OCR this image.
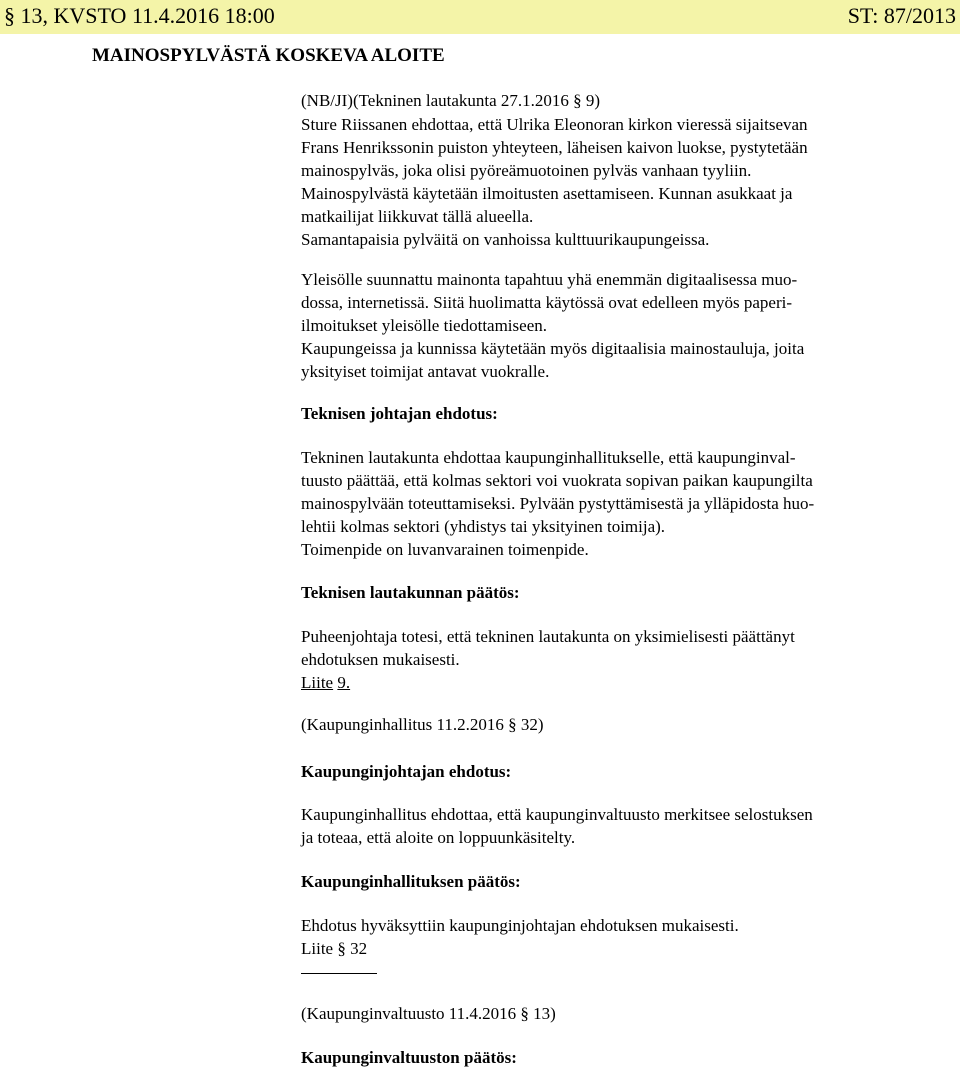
§ 13, KVSTO 11.4.2016 18:00	ST: 87/2013
MAINOSPYLVÄSTÄ KOSKEVA ALOITE
(NB/JI)(Tekninen lautakunta 27.1.2016 § 9)
Sture Riissanen ehdottaa, että Ulrika Eleonoran kirkon vieressä sijaitsevan
Frans Henrikssonin puiston yhteyteen, läheisen kaivon luokse, pystytetään
mainospylväs, joka olisi pyöreämuotoinen pylväs vanhaan tyyliin.
Mainospylvästä käytetään ilmoitusten asettamiseen. Kunnan asukkaat ja
matkailijat liikkuvat tällä alueella.
Samantapaisia pylväitä on vanhoissa kulttuurikaupungeissa.
Yleisölle suunnattu mainonta tapahtuu yhä enemmän digitaalisessa muo-
dossa, internetissä. Siitä huolimatta käytössä ovat edelleen myös paperi-
ilmoitukset yleisölle tiedottamiseen.
Kaupungeissa ja kunnissa käytetään myös digitaalisia mainostauluja, joita
yksityiset toimijat antavat vuokralle.
Teknisen johtajan ehdotus:
Tekninen lautakunta ehdottaa kaupunginhallitukselle, että kaupunginval-
tuusto päättää, että kolmas sektori voi vuokrata sopivan paikan kaupungilta
mainospylvään toteuttamiseksi. Pylvään pystyttämisestä ja ylläpidosta huo-
lehtii kolmas sektori (yhdistys tai yksityinen toimija).
Toimenpide on luvanvarainen toimenpide.
Teknisen lautakunnan päätös:
Puheenjohtaja totesi, että tekninen lautakunta on yksimielisesti päättänyt
ehdotuksen mukaisesti.
Liite 9.
(Kaupunginhallitus 11.2.2016 § 32)
Kaupunginjohtajan ehdotus:
Kaupunginhallitus ehdottaa, että kaupunginvaltuusto merkitsee selostuksen
ja toteaa, että aloite on loppuunkäsitelty.
Kaupunginhallituksen päätös:
Ehdotus hyväksyttiin kaupunginjohtajan ehdotuksen mukaisesti.
Liite § 32
(Kaupunginvaltuusto 11.4.2016 § 13)
Kaupunginvaltuuston päätös:
